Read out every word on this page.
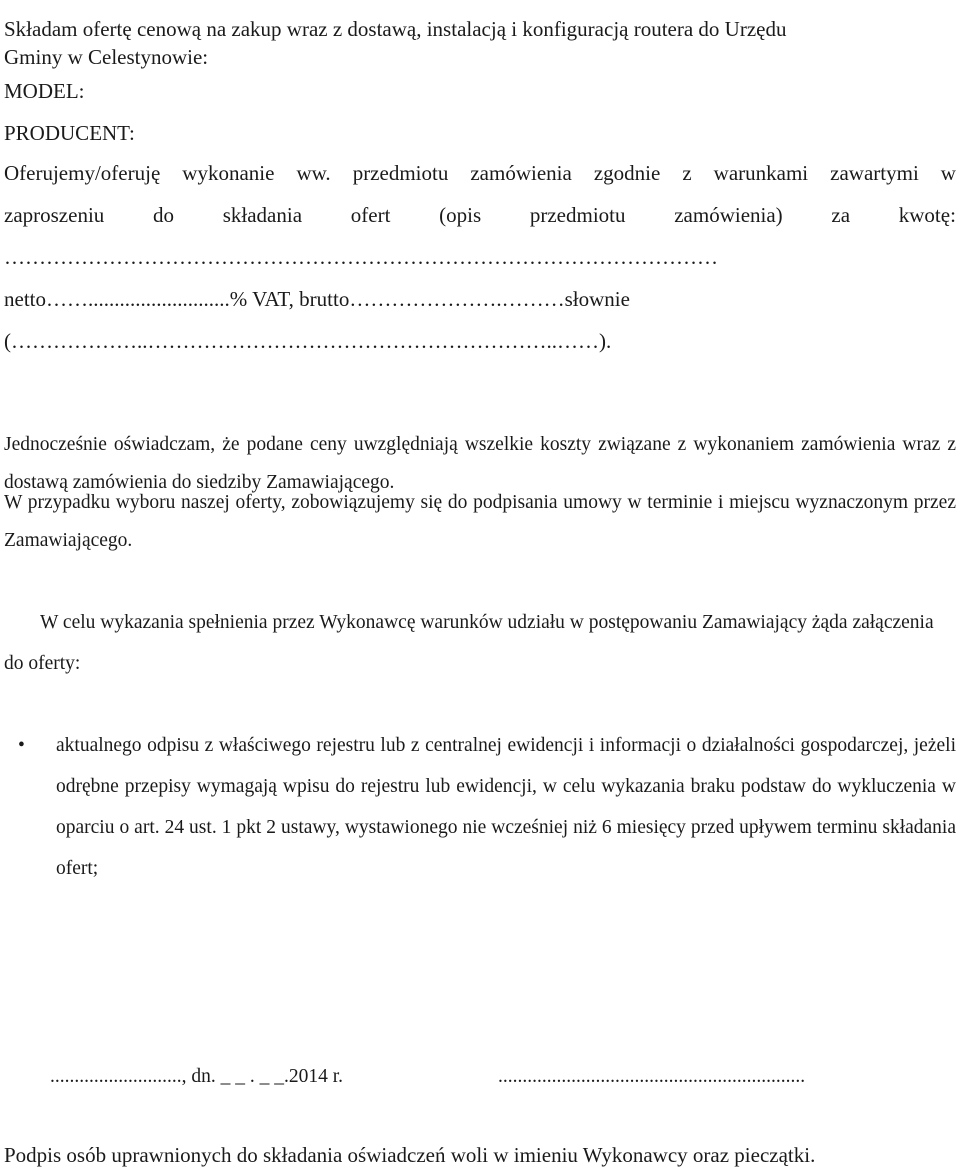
Składam ofertę cenową na zakup wraz z dostawą, instalacją i konfiguracją routera do Urzędu
Gminy w Celestynowie:
MODEL:
PRODUCENT:
Oferujemy/oferuję wykonanie ww. przedmiotu zamówienia zgodnie z warunkami zawartymi w
zaproszeniu do składania ofert (opis przedmiotu zamówienia) za kwotę:
…………………………………………………………………………………………
netto……...........................% VAT, brutto………………….………słownie
(………………..…………………………………………………..……).
Jednocześnie oświadczam, że podane ceny uwzględniają wszelkie koszty związane z wykonaniem zamówienia wraz z dostawą zamówienia do siedziby Zamawiającego.
W przypadku wyboru naszej oferty, zobowiązujemy się do podpisania umowy w terminie i miejscu wyznaczonym przez Zamawiającego.
W celu wykazania spełnienia przez Wykonawcę warunków udziału w postępowaniu Zamawiający żąda załączenia do oferty:
•	aktualnego odpisu z właściwego rejestru lub z centralnej ewidencji i informacji o działalności gospodarczej, jeżeli odrębne przepisy wymagają wpisu do rejestru lub ewidencji, w celu wykazania braku podstaw do wykluczenia w oparciu o art. 24 ust. 1 pkt 2 ustawy, wystawionego nie wcześniej niż 6 miesięcy przed upływem terminu składania ofert;
..........................., dn. _ _ . _ _.2014 r.	...............................................................
Podpis osób uprawnionych do składania oświadczeń woli w imieniu Wykonawcy oraz pieczątki.
